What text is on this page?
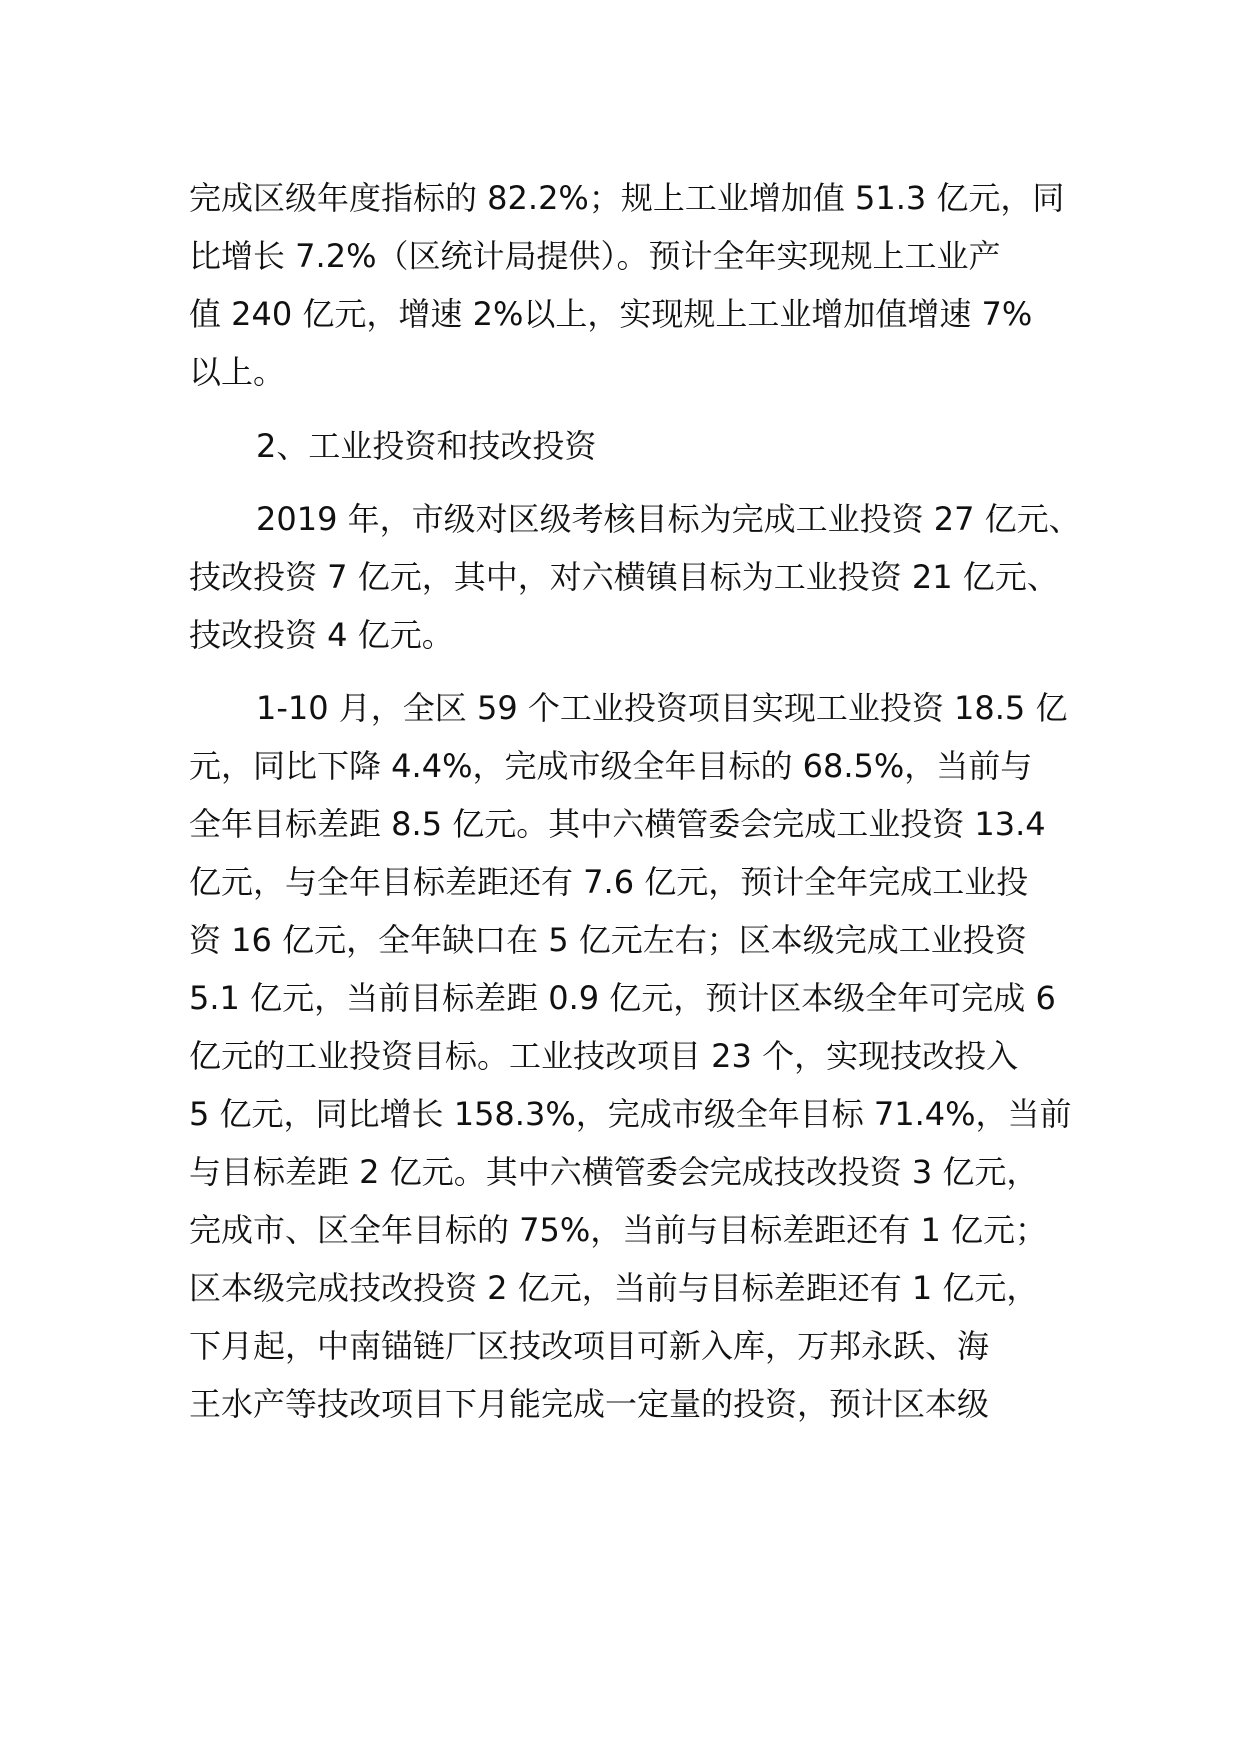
完成区级年度指标的 82.2%；规上工业增加值 51.3 亿元，同
比增长 7.2%（区统计局提供）。预计全年实现规上工业产
值 240 亿元，增速 2%以上，实现规上工业增加值增速 7%
以上。
2、工业投资和技改投资
2019 年，市级对区级考核目标为完成工业投资 27 亿元、
技改投资 7 亿元，其中，对六横镇目标为工业投资 21 亿元、
技改投资 4 亿元。
1-10 月，全区 59 个工业投资项目实现工业投资 18.5 亿
元，同比下降 4.4%，完成市级全年目标的 68.5%，当前与
全年目标差距 8.5 亿元。其中六横管委会完成工业投资 13.4
亿元，与全年目标差距还有 7.6 亿元，预计全年完成工业投
资 16 亿元，全年缺口在 5 亿元左右；区本级完成工业投资
5.1 亿元，当前目标差距 0.9 亿元，预计区本级全年可完成 6
亿元的工业投资目标。工业技改项目 23 个，实现技改投入
5 亿元，同比增长 158.3%，完成市级全年目标 71.4%，当前
与目标差距 2 亿元。其中六横管委会完成技改投资 3 亿元，
完成市、区全年目标的 75%，当前与目标差距还有 1 亿元；
区本级完成技改投资 2 亿元，当前与目标差距还有 1 亿元，
下月起，中南锚链厂区技改项目可新入库，万邦永跃、海
王水产等技改项目下月能完成一定量的投资，预计区本级
